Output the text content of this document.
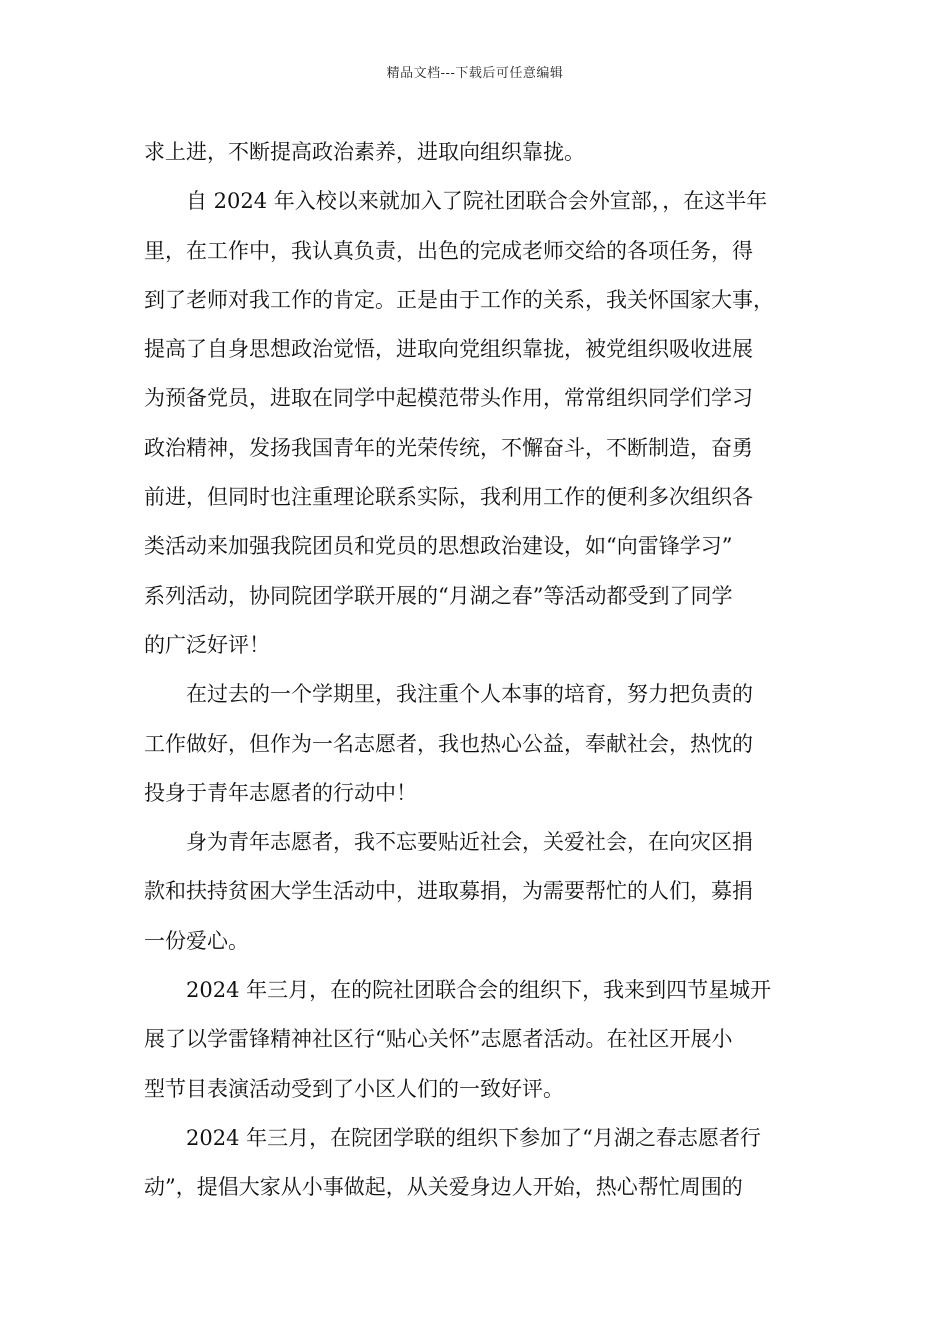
精品文档---下载后可任意编辑
求上进，不断提高政治素养，进取向组织靠拢。
　　自 2024 年入校以来就加入了院社团联合会外宣部，，在这半年
里，在工作中，我认真负责，出色的完成老师交给的各项任务，得
到了老师对我工作的肯定。正是由于工作的关系，我关怀国家大事，
提高了自身思想政治觉悟，进取向党组织靠拢，被党组织吸收进展
为预备党员，进取在同学中起模范带头作用，常常组织同学们学习
政治精神，发扬我国青年的光荣传统，不懈奋斗，不断制造，奋勇
前进，但同时也注重理论联系实际，我利用工作的便利多次组织各
类活动来加强我院团员和党员的思想政治建设，如“向雷锋学习”
系列活动，协同院团学联开展的“月湖之春”等活动都受到了同学
的广泛好评！
　　在过去的一个学期里，我注重个人本事的培育，努力把负责的
工作做好，但作为一名志愿者，我也热心公益，奉献社会，热忱的
投身于青年志愿者的行动中！
　　身为青年志愿者，我不忘要贴近社会，关爱社会，在向灾区捐
款和扶持贫困大学生活动中，进取募捐，为需要帮忙的人们，募捐
一份爱心。
　　2024 年三月，在的院社团联合会的组织下，我来到四节星城开
展了以学雷锋精神社区行“贴心关怀”志愿者活动。在社区开展小
型节目表演活动受到了小区人们的一致好评。
　　2024 年三月，在院团学联的组织下参加了“月湖之春志愿者行
动”，提倡大家从小事做起，从关爱身边人开始，热心帮忙周围的
